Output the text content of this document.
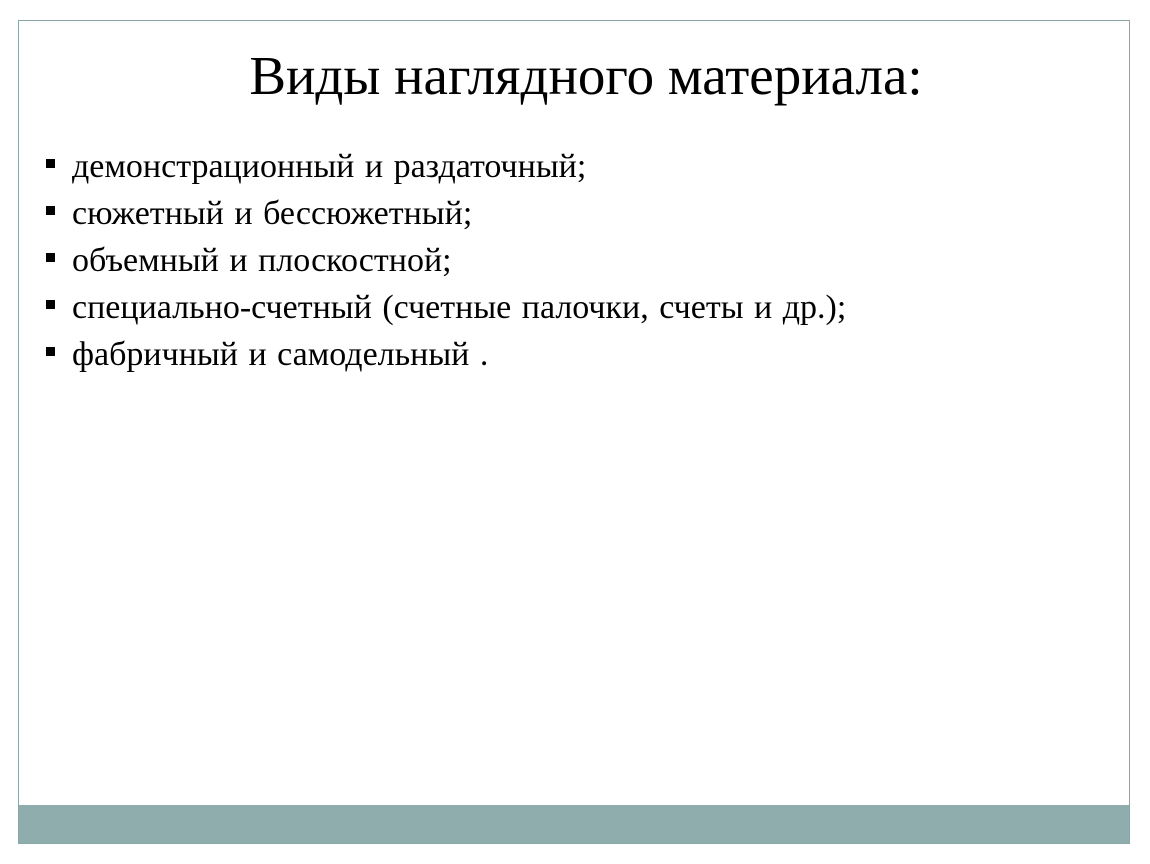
Виды наглядного материала:
демонстрационный и раздаточный;
сюжетный и бессюжетный;
объемный и плоскостной;
специально-счетный (счетные палочки, счеты и др.);
фабричный и самодельный .
